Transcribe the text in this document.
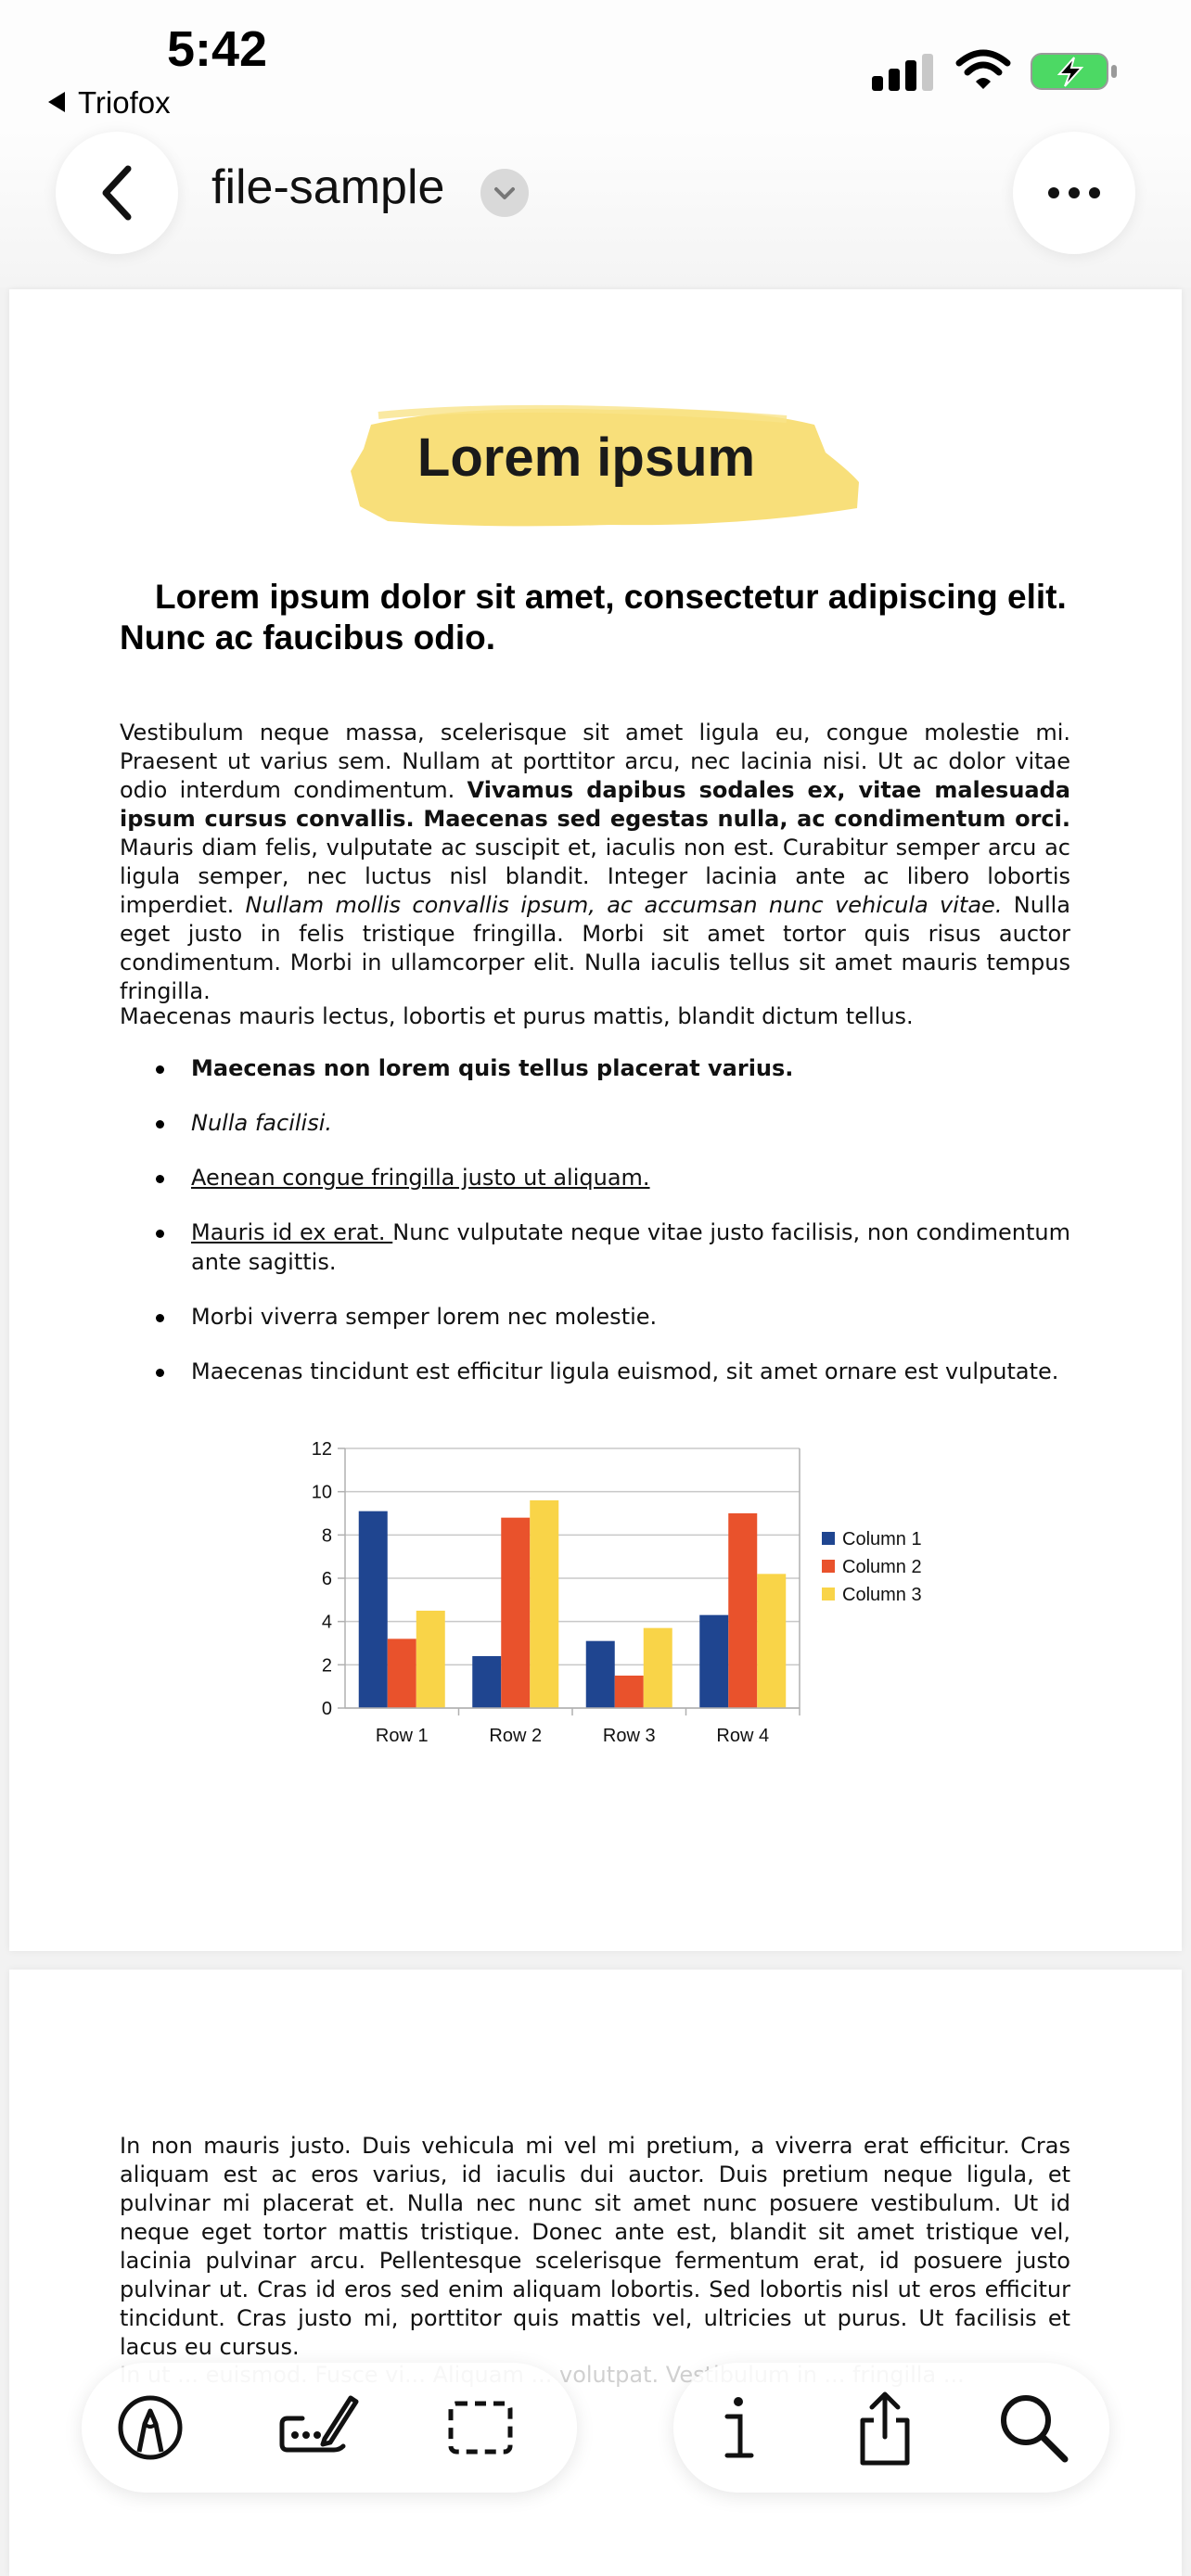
5:42
Triofox
file-sample
Lorem ipsum
Lorem ipsum dolor sit amet, consectetur adipiscing elit. Nunc ac faucibus odio.
Vestibulum neque massa, scelerisque sit amet ligula eu, congue molestie mi. Praesent ut varius sem. Nullam at porttitor arcu, nec lacinia nisi. Ut ac dolor vitae odio interdum condimentum. Vivamus dapibus sodales ex, vitae malesuada ipsum cursus convallis. Maecenas sed egestas nulla, ac condimentum orci. Mauris diam felis, vulputate ac suscipit et, iaculis non est. Curabitur semper arcu ac ligula semper, nec luctus nisl blandit. Integer lacinia ante ac libero lobortis imperdiet. Nullam mollis convallis ipsum, ac accumsan nunc vehicula vitae. Nulla eget justo in felis tristique fringilla. Morbi sit amet tortor quis risus auctor condimentum. Morbi in ullamcorper elit. Nulla iaculis tellus sit amet mauris tempus fringilla.
Maecenas mauris lectus, lobortis et purus mattis, blandit dictum tellus.
Maecenas non lorem quis tellus placerat varius.
Nulla facilisi.
Aenean congue fringilla justo ut aliquam.
Mauris id ex erat. Nunc vulputate neque vitae justo facilisis, non condimentum ante sagittis.
Morbi viverra semper lorem nec molestie.
Maecenas tincidunt est efficitur ligula euismod, sit amet ornare est vulputate.
0
2
4
6
8
10
12
Row 1	Row 2	Row 3	Row 4
Column 1
Column 2
Column 3
In non mauris justo. Duis vehicula mi vel mi pretium, a viverra erat efficitur. Cras aliquam est ac eros varius, id iaculis dui auctor. Duis pretium neque ligula, et pulvinar mi placerat et. Nulla nec nunc sit amet nunc posuere vestibulum. Ut id neque eget tortor mattis tristique. Donec ante est, blandit sit amet tristique vel, lacinia pulvinar arcu. Pellentesque scelerisque fermentum erat, id posuere justo pulvinar ut. Cras id eros sed enim aliquam lobortis. Sed lobortis nisl ut eros efficitur tincidunt. Cras justo mi, porttitor quis mattis vel, ultricies ut purus. Ut facilisis et lacus eu cursus.
volutpat.
